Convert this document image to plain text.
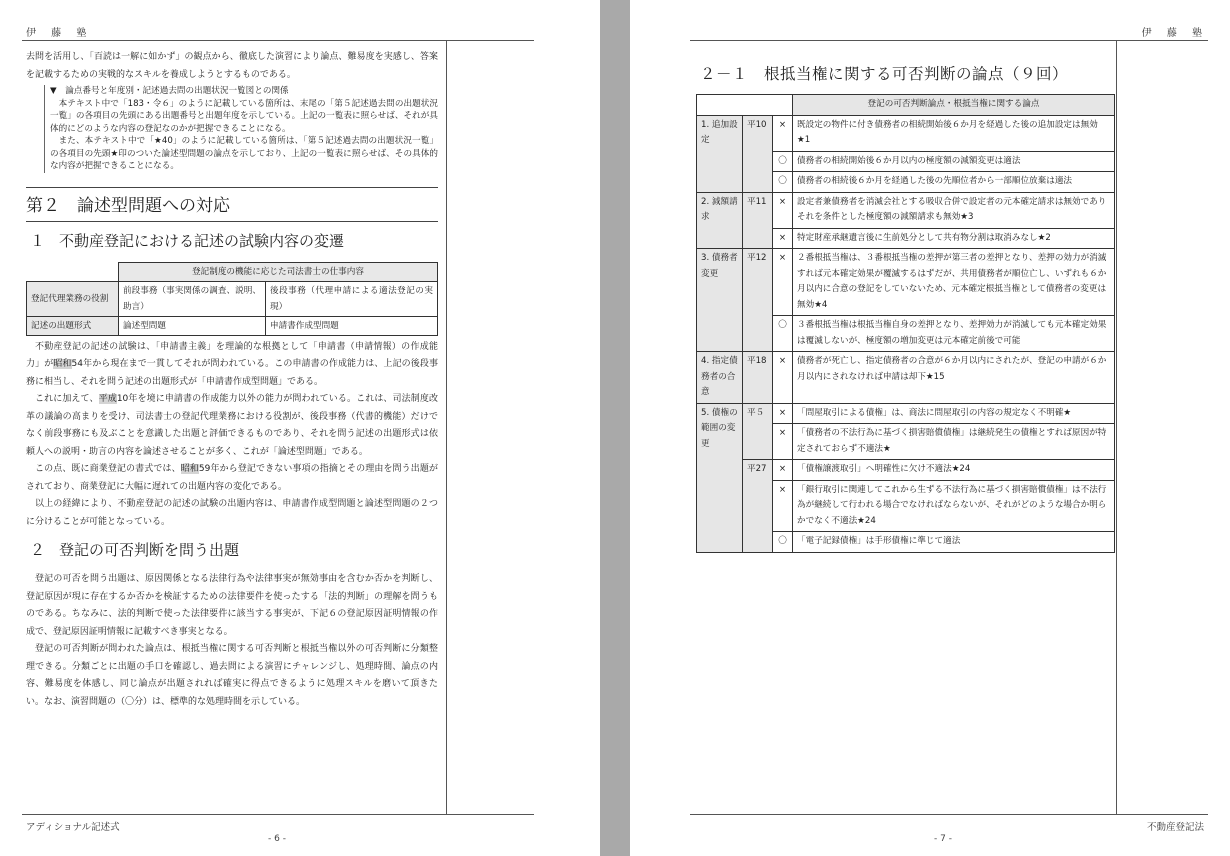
伊 藤 塾

去問を活用し、「百読は一解に如かず」の観点から、徹底した演習により論点、難易度を実感し、答案を記載するための実戦的なスキルを養成しようとするものである。

▼　論点番号と年度別・記述過去問の出題状況一覧図との関係

本テキスト中で「183・令６」のように記載している箇所は、末尾の「第５記述過去問の出題状況一覧」の各項目の先頭にある出題番号と出題年度を示している。上記の一覧表に照らせば、それが具体的にどのような内容の登記なのかが把握できることになる。

また、本テキスト中で「★40」のように記載している箇所は、「第５記述過去問の出題状況一覧」の各項目の先頭★印のついた論述型問題の論点を示しており、上記の一覧表に照らせば、その具体的な内容が把握できることになる。

第２　論述型問題への対応
１ 不動産登記における記述の試験内容の変遷
	登記制度の機能に応じた司法書士の仕事内容	
登記代理業務の役割	前段事務（事実関係の調査、説明、助言）	後段事務（代理申請による適法登記の実現）
記述の出題形式	論述型問題	申請書作成型問題

不動産登記の記述の試験は、「申請書主義」を理論的な根拠として「申請書（申請情報）の作成能力」が昭和54年から現在まで一貫してそれが問われている。この申請書の作成能力は、上記の後段事務に相当し、それを問う記述の出題形式が「申請書作成型問題」である。

これに加えて、平成10年を境に申請書の作成能力以外の能力が問われている。これは、司法制度改革の議論の高まりを受け、司法書士の登記代理業務における役割が、後段事務（代書的機能）だけでなく前段事務にも及ぶことを意識した出題と評価できるものであり、それを問う記述の出題形式は依頼人への説明・助言の内容を論述させることが多く、これが「論述型問題」である。

この点、既に商業登記の書式では、昭和59年から登記できない事項の指摘とその理由を問う出題がされており、商業登記に大幅に遅れての出題内容の変化である。

以上の経緯により、不動産登記の記述の試験の出題内容は、申請書作成型問題と論述型問題の２つに分けることが可能となっている。

２ 登記の可否判断を問う出題

登記の可否を問う出題は、原因関係となる法律行為や法律事実が無効事由を含むか否かを判断し、登記原因が現に存在するか否かを検証するための法律要件を使ったする「法的判断」の理解を問うものである。ちなみに、法的判断で使った法律要件に該当する事実が、下記６の登記原因証明情報の作成で、登記原因証明情報に記載すべき事実となる。

登記の可否判断が問われた論点は、根抵当権に関する可否判断と根抵当権以外の可否判断に分類整理できる。分類ごとに出題の手口を確認し、過去問による演習にチャレンジし、処理時間、論点の内容、難易度を体感し、同じ論点が出題されれば確実に得点できるように処理スキルを磨いて頂きたい。なお、演習問題の（〇分）は、標準的な処理時間を示している。

アディショナル記述式
- 6 -
伊 藤 塾
２－１　根抵当権に関する可否判断の論点（９回）
			登記の可否判断論点・根抵当権に関する論点
1. 追加設定	平10	×	既設定の物件に付き債務者の相続開始後６か月を経過した後の追加設定は無効★1
		〇	債務者の相続開始後６か月以内の極度額の減額変更は適法
		〇	債務者の相続後６か月を経過した後の先順位者から一部順位放棄は適法
2. 減額請求	平11	×	設定者兼債務者を消滅会社とする吸収合併で設定者の元本確定請求は無効でありそれを条件とした極度額の減額請求も無効★3
		×	特定財産承継遺言後に生前処分として共有物分割は取消みなし★2
3. 債務者変更	平12	×	２番根抵当権は、３番根抵当権の差押が第三者の差押となり、差押の効力が消滅すれば元本確定効果が覆滅するはずだが、共用債務者が順位亡し、いずれも６か月以内に合意の登記をしていないため、元本確定根抵当権として債務者の変更は無効★4
		〇	３番根抵当権は根抵当権自身の差押となり、差押効力が消滅しても元本確定効果は覆滅しないが、極度額の増加変更は元本確定前後で可能
4. 指定債務者の合意	平18	×	債務者が死亡し、指定債務者の合意が６か月以内にされたが、登記の申請が６か月以内にされなければ申請は却下★15
5. 債権の範囲の変更	平５	×	「問屋取引による債権」は、商法に問屋取引の内容の規定なく不明確★
		×	「債務者の不法行為に基づく損害賠償債権」は継続発生の債権とすれば原因が特定されておらず不適法★
	平27	×	「債権譲渡取引」へ明確性に欠け不適法★24
		×	「銀行取引に関連してこれから生ずる不法行為に基づく損害賠償債権」は不法行為が継続して行われる場合でなければならないが、それがどのような場合か明らかでなく不適法★24
		〇	「電子記録債権」は手形債権に準じて適法
不動産登記法
- 7 -
